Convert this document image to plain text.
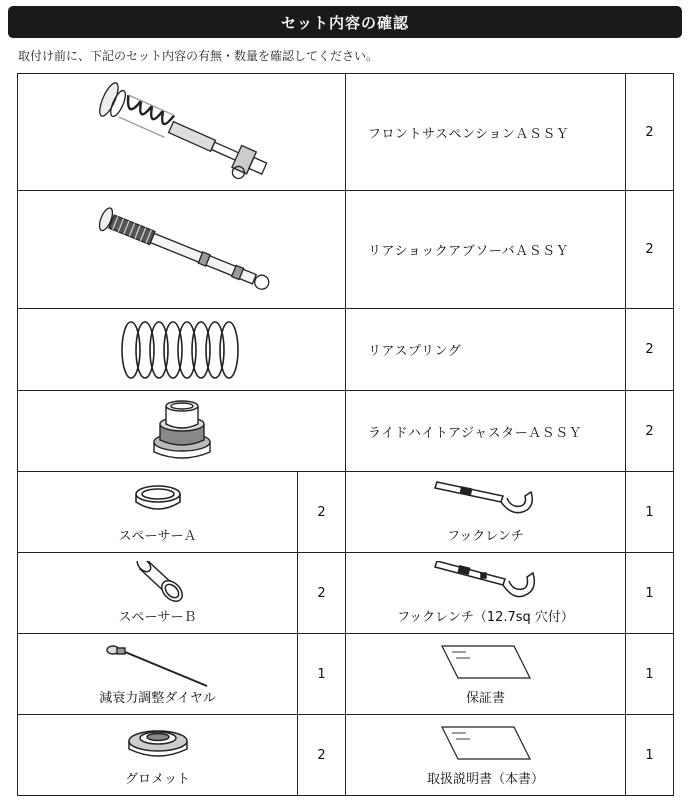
セット内容の確認
取付け前に、下記のセット内容の有無・数量を確認してください。
	フロントサスペンションＡＳＳＹ	2

	リアショックアブソーバＡＳＳＹ	2

	リアスプリング	2

	ライドハイトアジャスターＡＳＳＹ	2

スペーサーＡ	2	フックレンチ	1

スペーサーＢ	2	フックレンチ（12.7sq 穴付）	1

減衰力調整ダイヤル	1	保証書	1

グロメット	2	取扱説明書（本書）	1
